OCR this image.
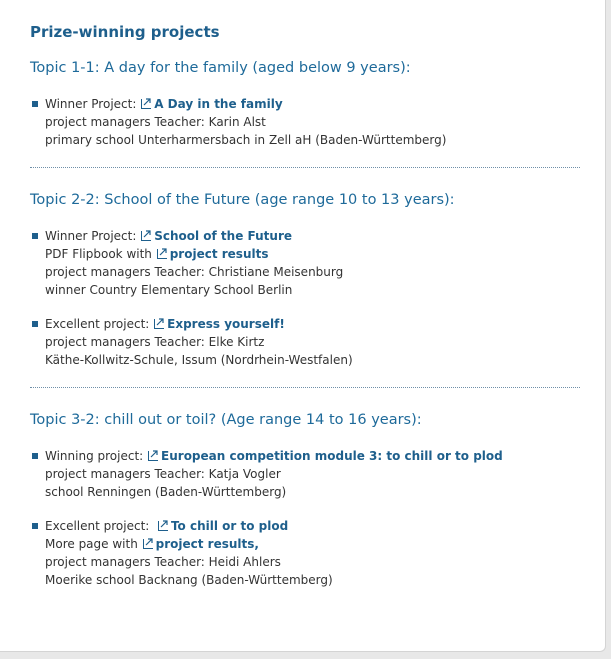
Prize-winning projects
Topic 1-1: A day for the family (aged below 9 years):
Winner Project:
A Day in the family
project managers Teacher: Karin Alst
primary school Unterharmersbach in Zell aH (Baden-Württemberg)
Topic 2-2: School of the Future (age range 10 to 13 years):
Winner Project:
School of the Future
PDF Flipbook with
project results
project managers Teacher: Christiane Meisenburg
winner Country Elementary School Berlin
Excellent project:
Express yourself!
project managers Teacher: Elke Kirtz
Käthe-Kollwitz-Schule, Issum (Nordrhein-Westfalen)
Topic 3-2: chill out or toil? (Age range 14 to 16 years):
Winning project:
European competition module 3: to chill or to plod
project managers Teacher: Katja Vogler
school Renningen (Baden-Württemberg)
Excellent project:
To chill or to plod
More page with
project results,
project managers Teacher: Heidi Ahlers
Moerike school Backnang (Baden-Württemberg)
